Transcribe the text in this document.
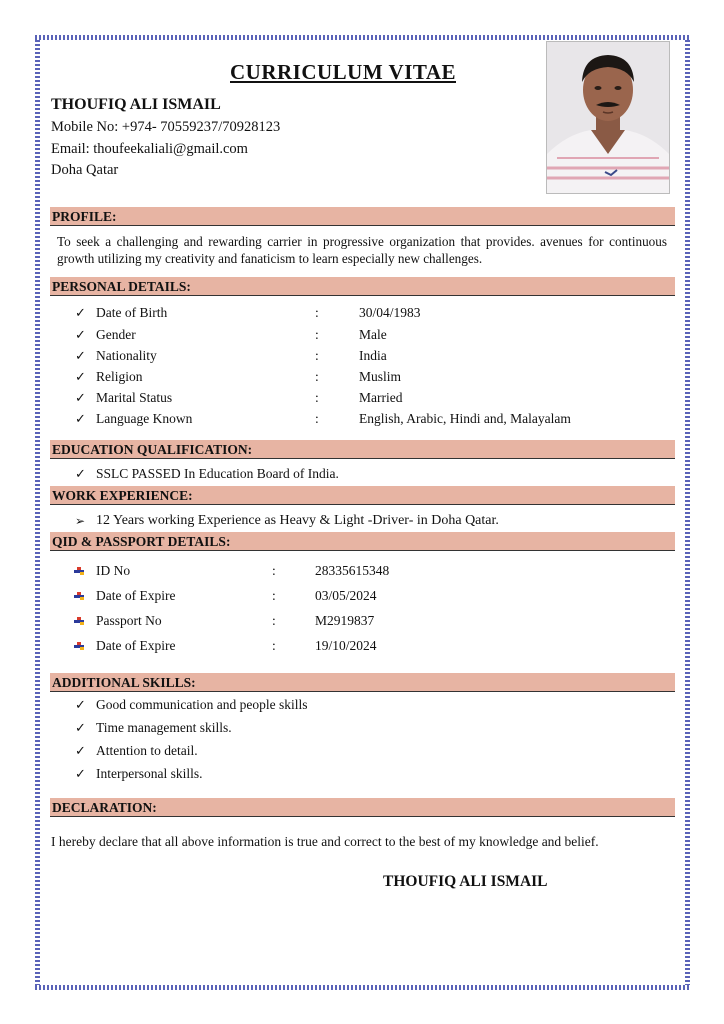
CURRICULUM VITAE
THOUFIQ ALI ISMAIL
Mobile No: +974- 70559237/70928123
Email: thoufeekaliali@gmail.com
Doha Qatar
PROFILE:
To seek a challenging and rewarding carrier in progressive organization that provides. avenues for continuous growth utilizing my creativity and fanaticism to learn especially new challenges.
PERSONAL DETAILS:
✓ Date of Birth	:	30/04/1983
✓ Gender	:	Male
✓ Nationality	:	India
✓ Religion	:	Muslim
✓ Marital Status	:	Married
✓ Language Known	:	English, Arabic, Hindi and, Malayalam
EDUCATION QUALIFICATION:
✓ SSLC PASSED In Education Board of India.
WORK EXPERIENCE:
➢ 12 Years working Experience as Heavy & Light -Driver- in Doha Qatar.
QID & PASSPORT DETAILS:
ID No	:	28335615348
Date of Expire	:	03/05/2024
Passport No	:	M2919837
Date of Expire	:	19/10/2024
ADDITIONAL SKILLS:
✓ Good communication and people skills
✓ Time management skills.
✓ Attention to detail.
✓ Interpersonal skills.
DECLARATION:
I hereby declare that all above information is true and correct to the best of my knowledge and belief.
THOUFIQ ALI ISMAIL
